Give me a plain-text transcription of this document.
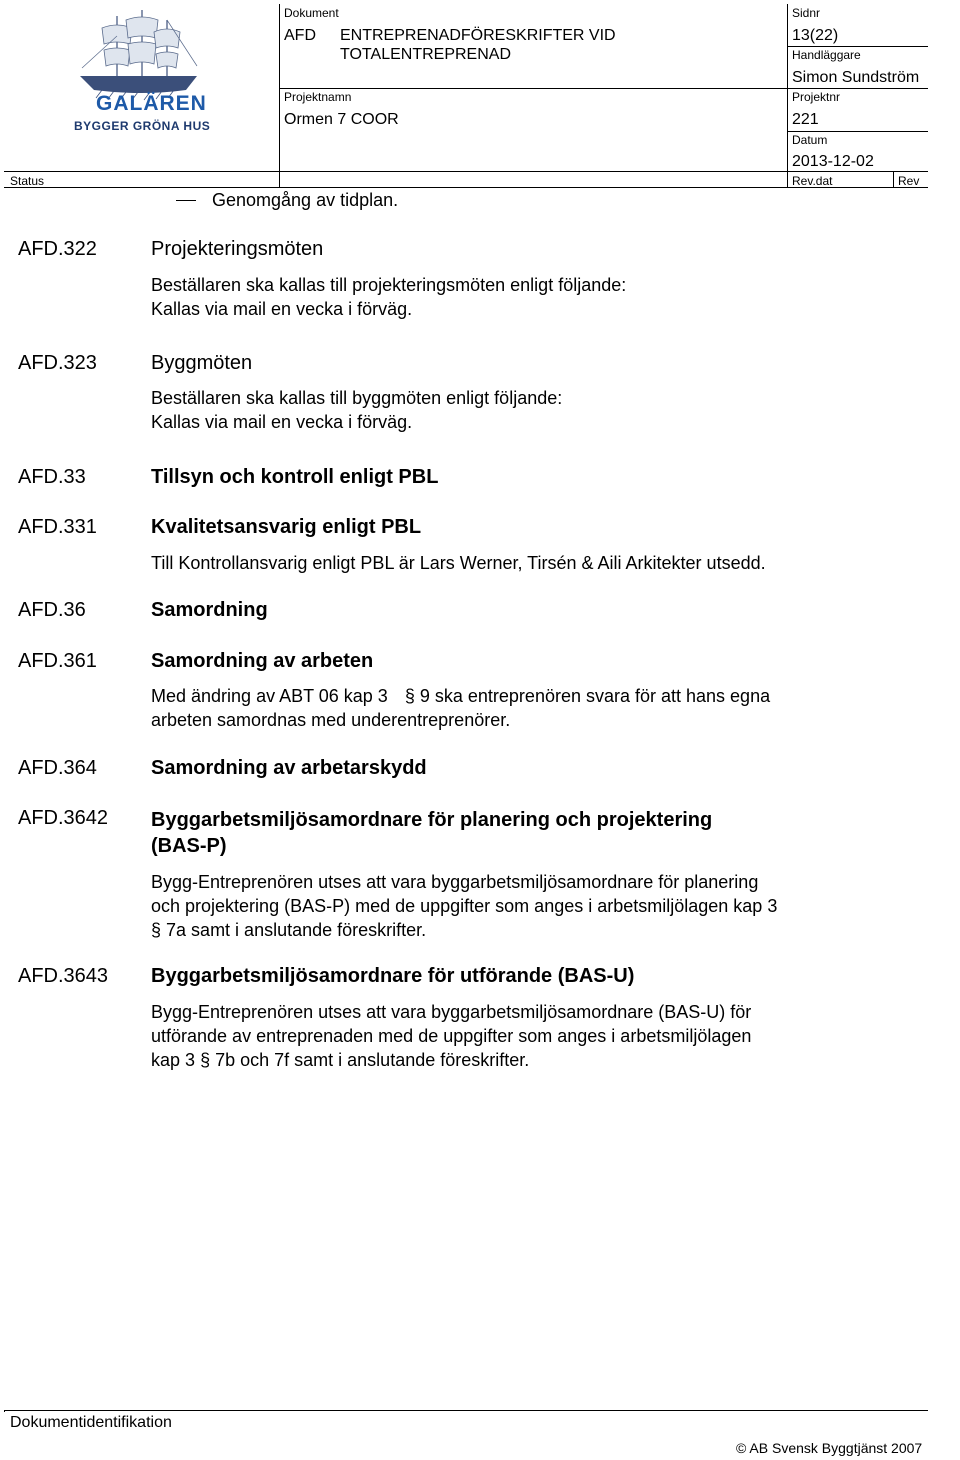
GALÄREN
BYGGER GRÖNA HUS
Dokument
AFD ENTREPRENADFÖRESKRIFTER VID
TOTALENTREPRENAD
Sidnr
13(22)
Handläggare
Simon Sundström
Projektnamn
Ormen 7 COOR
Projektnr
221
Datum
2013-12-02
Status	Rev.dat	Rev
Genomgång av tidplan.
AFD.322	Projekteringsmöten
Beställaren ska kallas till projekteringsmöten enligt följande:
Kallas via mail en vecka i förväg.
AFD.323	Byggmöten
Beställaren ska kallas till byggmöten enligt följande:
Kallas via mail en vecka i förväg.
AFD.33	Tillsyn och kontroll enligt PBL
AFD.331	Kvalitetsansvarig enligt PBL
Till Kontrollansvarig enligt PBL är Lars Werner, Tirsén & Aili Arkitekter utsedd.
AFD.36	Samordning
AFD.361	Samordning av arbeten
Med ändring av ABT 06 kap 3 § 9 ska entreprenören svara för att hans egna
arbeten samordnas med underentreprenörer.
AFD.364	Samordning av arbetarskydd
AFD.3642 Byggarbetsmiljösamordnare för planering och projektering
(BAS-P)
Bygg-Entreprenören utses att vara byggarbetsmiljösamordnare för planering
och projektering (BAS-P) med de uppgifter som anges i arbetsmiljölagen kap 3
§ 7a samt i anslutande föreskrifter.
AFD.3643 Byggarbetsmiljösamordnare för utförande (BAS-U)
Bygg-Entreprenören utses att vara byggarbetsmiljösamordnare (BAS-U) för
utförande av entreprenaden med de uppgifter som anges i arbetsmiljölagen
kap 3 § 7b och 7f samt i anslutande föreskrifter.
Dokumentidentifikation
© AB Svensk Byggtjänst 2007
